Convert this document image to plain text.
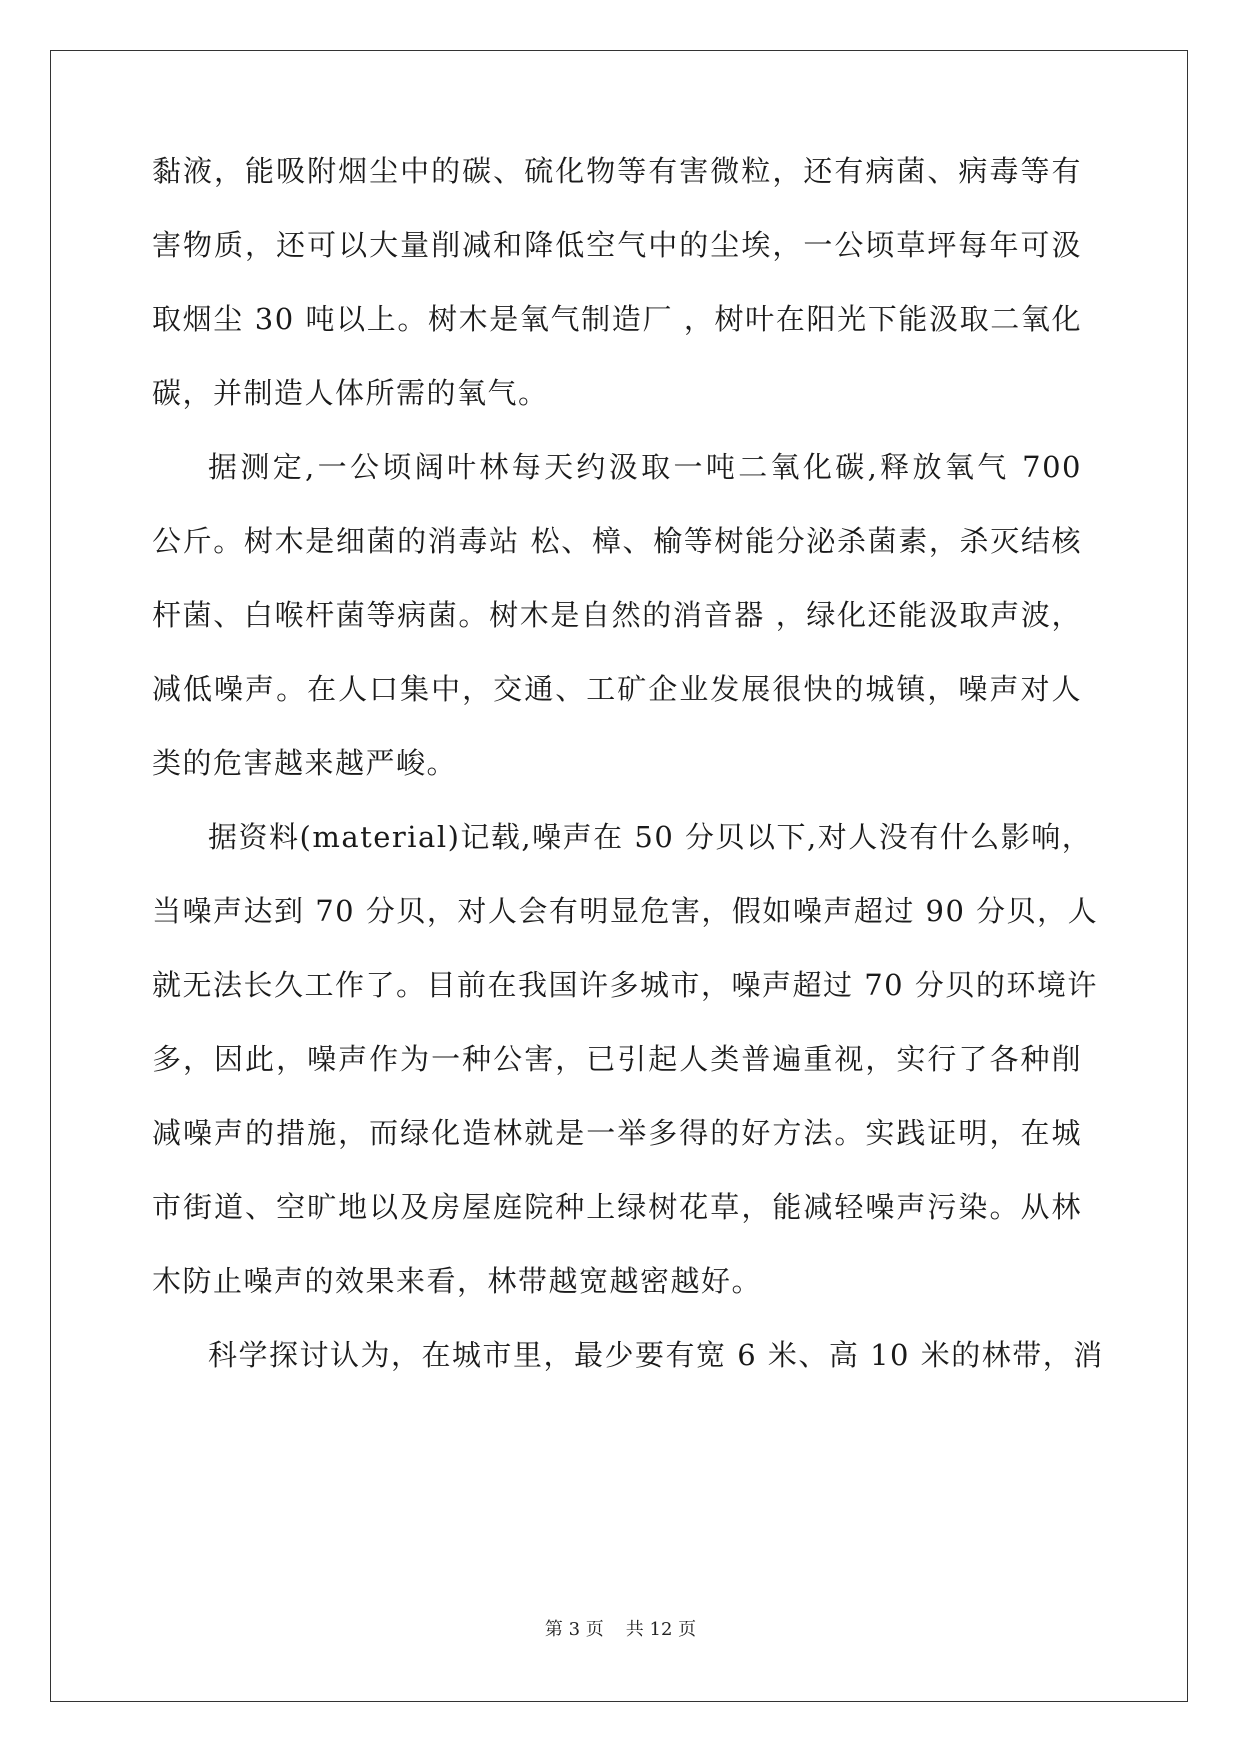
黏液，能吸附烟尘中的碳、硫化物等有害微粒，还有病菌、病毒等有
害物质，还可以大量削减和降低空气中的尘埃，一公顷草坪每年可汲
取烟尘 30 吨以上。树木是氧气制造厂 ，树叶在阳光下能汲取二氧化
碳，并制造人体所需的氧气。
据测定,一公顷阔叶林每天约汲取一吨二氧化碳,释放氧气 700
公斤。树木是细菌的消毒站 松、樟、榆等树能分泌杀菌素，杀灭结核
杆菌、白喉杆菌等病菌。树木是自然的消音器 ，绿化还能汲取声波，
减低噪声。在人口集中，交通、工矿企业发展很快的城镇，噪声对人
类的危害越来越严峻。
据资料(material)记载,噪声在 50 分贝以下,对人没有什么影响，
当噪声达到 70 分贝，对人会有明显危害，假如噪声超过 90 分贝，人
就无法长久工作了。目前在我国许多城市，噪声超过 70 分贝的环境许
多，因此，噪声作为一种公害，已引起人类普遍重视，实行了各种削
减噪声的措施，而绿化造林就是一举多得的好方法。实践证明，在城
市街道、空旷地以及房屋庭院种上绿树花草，能减轻噪声污染。从林
木防止噪声的效果来看，林带越宽越密越好。
科学探讨认为，在城市里，最少要有宽 6 米、高 10 米的林带，消
第 3 页 共 12 页
